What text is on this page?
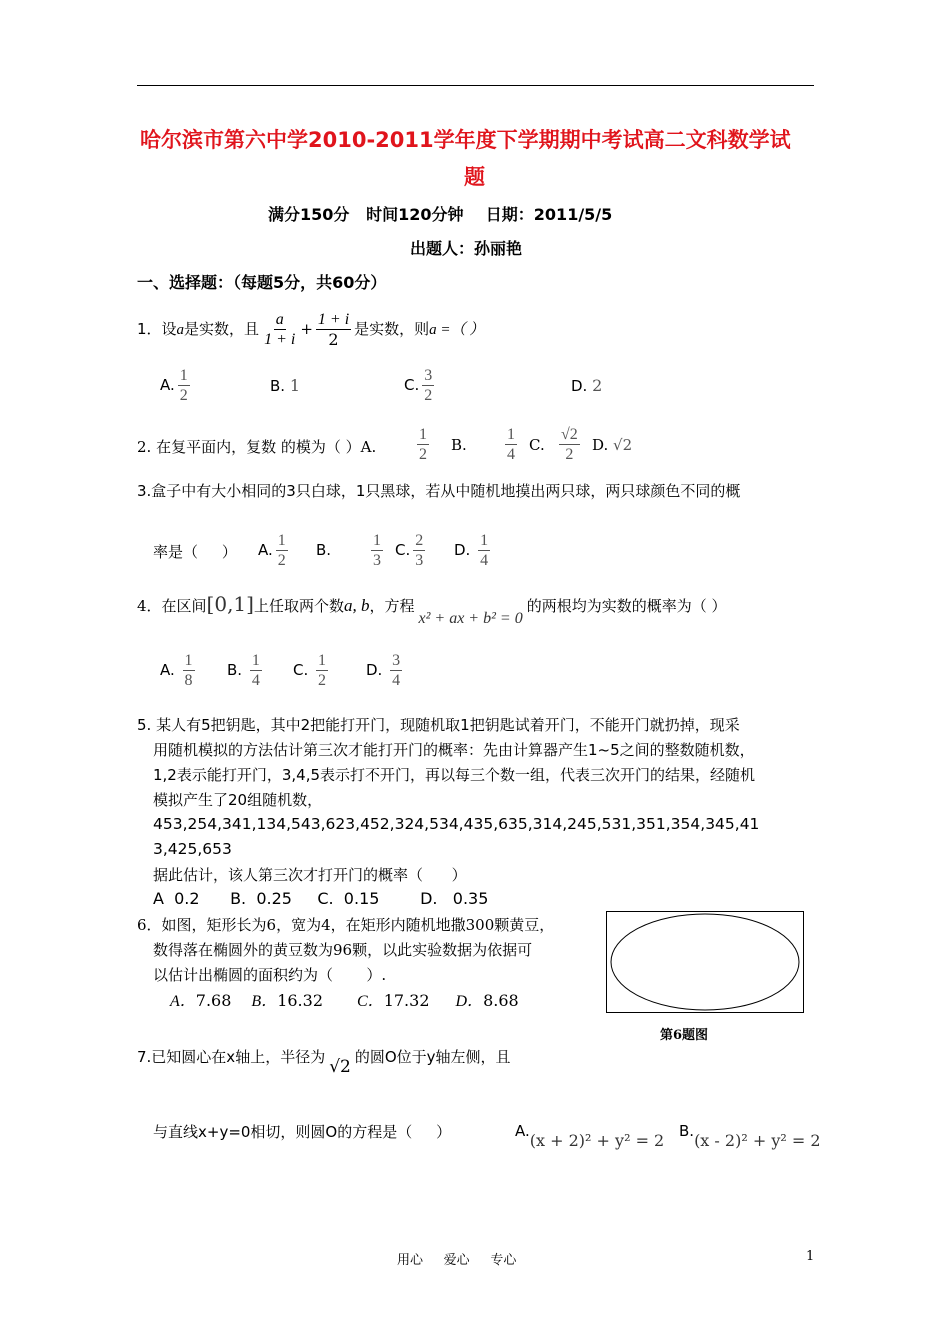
哈尔滨市第六中学2010-2011学年度下学期期中考试高二文科数学试
题
满分150分   时间120分钟    日期：2011/5/5
出题人：孙丽艳
一、选择题：（每题5分，共60分）
1．设a是实数，且 $\frac{a}{1 + i} + \frac{1 + i}{2}$ 是实数，则a =（ ）
A. $\frac{1}{2}$	B. 1	C. $\frac{3}{2}$	D. 2
2. 在复平面内，复数 的模为（ ）A.	$\frac{1}{2} B$. $\frac{1}{4} C$. $\frac{√2}{2} D$. √2
3.盒子中有大小相同的3只白球，1只黑球，若从中随机地摸出两只球，两只球颜色不同的概
率是（     ） A. $\frac{1}{2} B$. $\frac{1}{3} C$. $\frac{2}{3} D$. $\frac{1}{4}$
4．在区间[0,1]上任取两个数a, b，方程x² + ax + b² = 0的两根均为实数的概率为（ ）
A. $\frac{1}{8} B$. $\frac{1}{4} C$. $\frac{1}{2}$	D. $\frac{3}{4}$
5. 某人有5把钥匙，其中2把能打开门，现随机取1把钥匙试着开门，不能开门就扔掉，现采
用随机模拟的方法估计第三次才能打开门的概率：先由计算器产生1~5之间的整数随机数，
1,2表示能打开门，3,4,5表示打不开门，再以每三个数一组，代表三次开门的结果，经随机
模拟产生了20组随机数，
453,254,341,134,543,623,452,324,534,435,635,314,245,531,351,354,345,41
3,425,653
据此估计，该人第三次才打开门的概率（      ）
A  0.2      B.  0.25     C.  0.15        D.   0.35
6．如图，矩形长为6，宽为4，在矩形内随机地撒300颗黄豆，
数得落在椭圆外的黄豆数为96颗，以此实验数据为依据可
以估计出椭圆的面积约为（       ）.
A．7.68 B．16.32 C．17.32 D．8.68
第6题图
7.已知圆心在x轴上，半径为 √2 的圆O位于y轴左侧，且
与直线x+y=0相切，则圆O的方程是（     ）	A.(x + 2)² + y² = 2 B.(x - 2)² + y² = 2
用心     爱心     专心	1
